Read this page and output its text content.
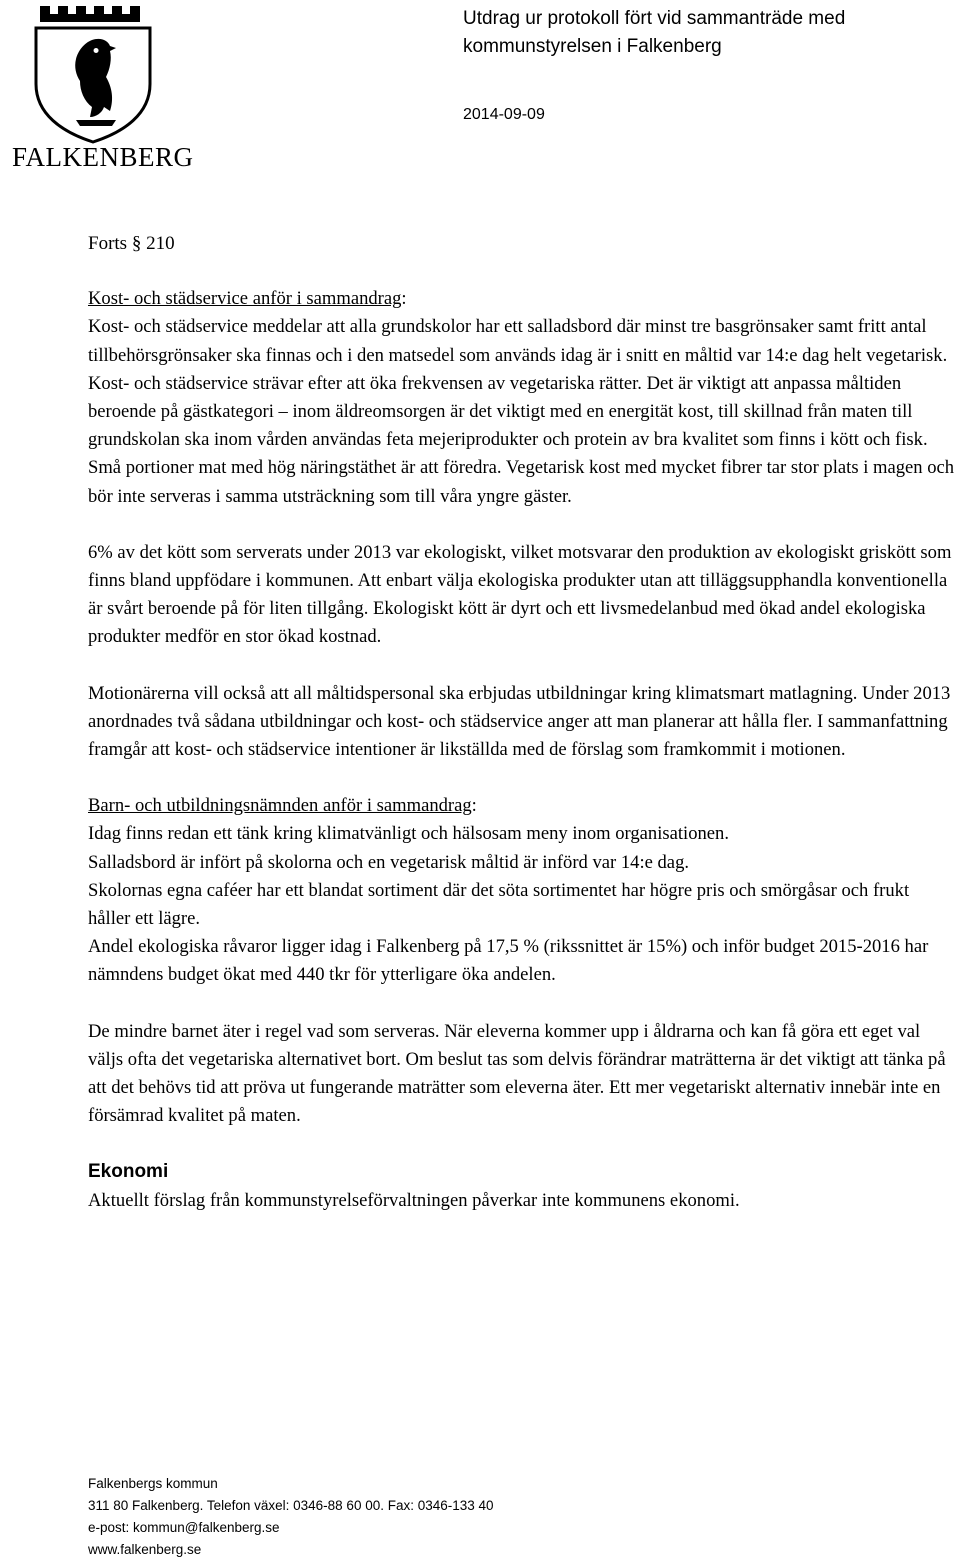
FALKENBERG
Utdrag ur protokoll fört vid sammanträde med
kommunstyrelsen i Falkenberg
2014-09-09

Forts § 210

Kost- och städservice anför i sammandrag:

Kost- och städservice meddelar att alla grundskolor har ett salladsbord där minst tre basgrönsaker samt fritt antal tillbehörsgrönsaker ska finnas och i den matsedel som används idag är i snitt en måltid var 14:e dag helt vegetarisk. Kost- och städservice strävar efter att öka frekvensen av vegetariska rätter. Det är viktigt att anpassa måltiden beroende på gästkategori – inom äldreomsorgen är det viktigt med en energität kost, till skillnad från maten till grundskolan ska inom vården användas feta mejeriprodukter och protein av bra kvalitet som finns i kött och fisk. Små portioner mat med hög näringstäthet är att föredra. Vegetarisk kost med mycket fibrer tar stor plats i magen och bör inte serveras i samma utsträckning som till våra yngre gäster.

6% av det kött som serverats under 2013 var ekologiskt, vilket motsvarar den produktion av ekologiskt griskött som finns bland uppfödare i kommunen. Att enbart välja ekologiska produkter utan att tilläggsupphandla konventionella är svårt beroende på för liten tillgång. Ekologiskt kött är dyrt och ett livsmedelanbud med ökad andel ekologiska produkter medför en stor ökad kostnad.

Motionärerna vill också att all måltidspersonal ska erbjudas utbildningar kring klimatsmart matlagning. Under 2013 anordnades två sådana utbildningar och kost- och städservice anger att man planerar att hålla fler. I sammanfattning framgår att kost- och städservice intentioner är likställda med de förslag som framkommit i motionen.

Barn- och utbildningsnämnden anför i sammandrag:

Idag finns redan ett tänk kring klimatvänligt och hälsosam meny inom organisationen.

Salladsbord är infört på skolorna och en vegetarisk måltid är införd var 14:e dag.

Skolornas egna caféer har ett blandat sortiment där det söta sortimentet har högre pris och smörgåsar och frukt håller ett lägre.

Andel ekologiska råvaror ligger idag i Falkenberg på 17,5 % (rikssnittet är 15%) och inför budget 2015-2016 har nämndens budget ökat med 440 tkr för ytterligare öka andelen.

De mindre barnet äter i regel vad som serveras. När eleverna kommer upp i åldrarna och kan få göra ett eget val väljs ofta det vegetariska alternativet bort. Om beslut tas som delvis förändrar maträtterna är det viktigt att tänka på att det behövs tid att pröva ut fungerande maträtter som eleverna äter. Ett mer vegetariskt alternativ innebär inte en försämrad kvalitet på maten.

Ekonomi

Aktuellt förslag från kommunstyrelseförvaltningen påverkar inte kommunens ekonomi.

Falkenbergs kommun

311 80 Falkenberg. Telefon växel: 0346-88 60 00. Fax: 0346-133 40

e-post: kommun@falkenberg.se

www.falkenberg.se
